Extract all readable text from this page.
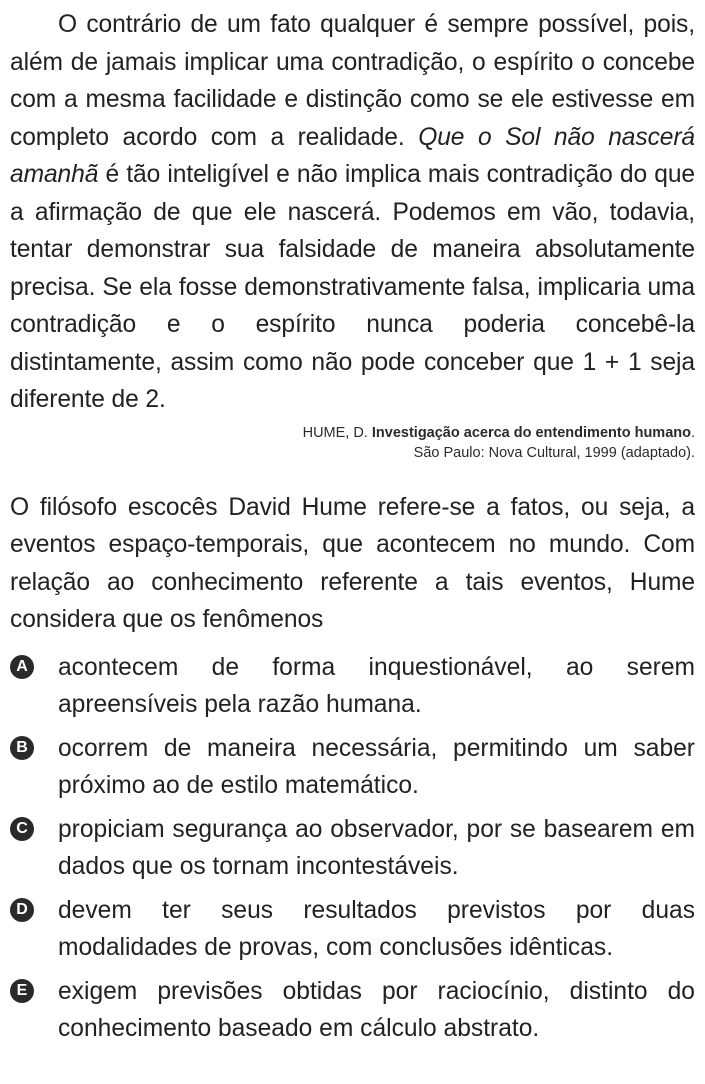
O contrário de um fato qualquer é sempre possível, pois, além de jamais implicar uma contradição, o espírito o concebe com a mesma facilidade e distinção como se ele estivesse em completo acordo com a realidade. Que o Sol não nascerá amanhã é tão inteligível e não implica mais contradição do que a afirmação de que ele nascerá. Podemos em vão, todavia, tentar demonstrar sua falsidade de maneira absolutamente precisa. Se ela fosse demonstrativamente falsa, implicaria uma contradição e o espírito nunca poderia concebê-la distintamente, assim como não pode conceber que 1 + 1 seja diferente de 2.
HUME, D. Investigação acerca do entendimento humano.
São Paulo: Nova Cultural, 1999 (adaptado).
O filósofo escocês David Hume refere-se a fatos, ou seja, a eventos espaço-temporais, que acontecem no mundo. Com relação ao conhecimento referente a tais eventos, Hume considera que os fenômenos
A acontecem de forma inquestionável, ao serem apreensíveis pela razão humana.
B ocorrem de maneira necessária, permitindo um saber próximo ao de estilo matemático.
C propiciam segurança ao observador, por se basearem em dados que os tornam incontestáveis.
D devem ter seus resultados previstos por duas modalidades de provas, com conclusões idênticas.
E exigem previsões obtidas por raciocínio, distinto do conhecimento baseado em cálculo abstrato.
